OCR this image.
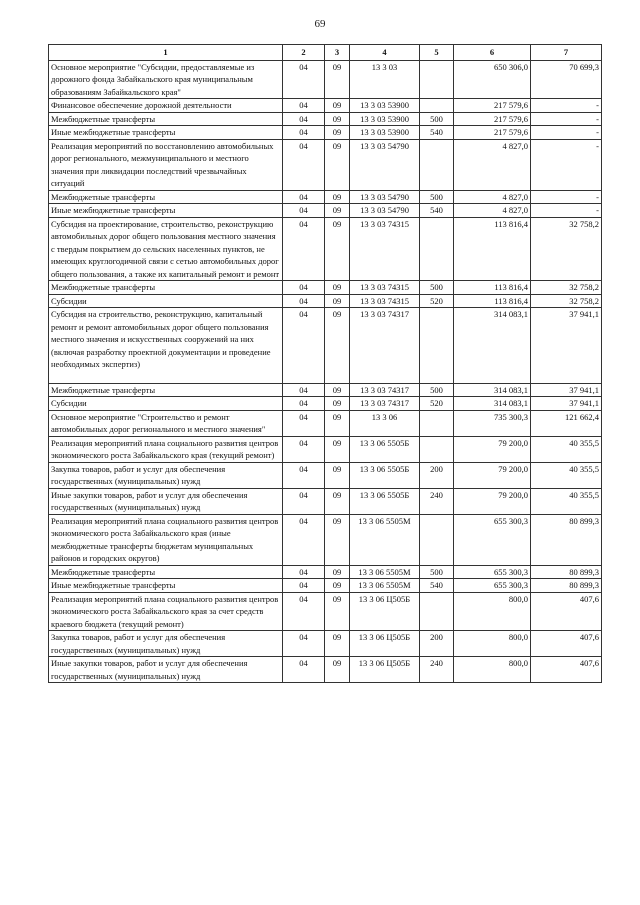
69
1	2	3	4	5	6	7
Основное мероприятие "Субсидии, предоставляемые из дорожного фонда Забайкальского края муниципальным образованиям Забайкальского края"	04	09	13 3 03		650 306,0	70 699,3
Финансовое обеспечение дорожной деятельности	04	09	13 3 03 53900		217 579,6	-
Межбюджетные трансферты	04	09	13 3 03 53900	500	217 579,6	-
Иные межбюджетные трансферты	04	09	13 3 03 53900	540	217 579,6	-
Реализация мероприятий по восстановлению автомобильных дорог регионального, межмуниципального и местного значения при ликвидации последствий чрезвычайных ситуаций	04	09	13 3 03 54790		4 827,0	-
Межбюджетные трансферты	04	09	13 3 03 54790	500	4 827,0	-
Иные межбюджетные трансферты	04	09	13 3 03 54790	540	4 827,0	-
Субсидия на проектирование, строительство, реконструкцию автомобильных дорог общего пользования местного значения с твердым покрытием до сельских населенных пунктов, не имеющих круглогодичной связи с сетью автомобильных дорог общего пользования, а также их капитальный ремонт и ремонт	04	09	13 3 03 74315		113 816,4	32 758,2
Межбюджетные трансферты	04	09	13 3 03 74315	500	113 816,4	32 758,2
Субсидии	04	09	13 3 03 74315	520	113 816,4	32 758,2
Субсидия на строительство, реконструкцию, капитальный ремонт и ремонт автомобильных дорог общего пользования местного значения и искусственных сооружений на них (включая разработку проектной документации и проведение необходимых экспертиз)	04	09	13 3 03 74317		314 083,1	37 941,1
Межбюджетные трансферты	04	09	13 3 03 74317	500	314 083,1	37 941,1
Субсидии	04	09	13 3 03 74317	520	314 083,1	37 941,1
Основное мероприятие "Строительство и ремонт автомобильных дорог регионального и местного значения"	04	09	13 3 06		735 300,3	121 662,4
Реализация мероприятий плана социального развития центров экономического роста Забайкальского края (текущий ремонт)	04	09	13 3 06 5505Б		79 200,0	40 355,5
Закупка товаров, работ и услуг для обеспечения государственных (муниципальных) нужд	04	09	13 3 06 5505Б	200	79 200,0	40 355,5
Иные закупки товаров, работ и услуг для обеспечения государственных (муниципальных) нужд	04	09	13 3 06 5505Б	240	79 200,0	40 355,5
Реализация мероприятий плана социального развития центров экономического роста Забайкальского края (иные межбюджетные трансферты бюджетам муниципальных районов и городских округов)	04	09	13 3 06 5505М		655 300,3	80 899,3
Межбюджетные трансферты	04	09	13 3 06 5505М	500	655 300,3	80 899,3
Иные межбюджетные трансферты	04	09	13 3 06 5505М	540	655 300,3	80 899,3
Реализация мероприятий плана социального развития центров экономического роста Забайкальского края за счет средств краевого бюджета (текущий ремонт)	04	09	13 3 06 Ц505Б		800,0	407,6
Закупка товаров, работ и услуг для обеспечения государственных (муниципальных) нужд	04	09	13 3 06 Ц505Б	200	800,0	407,6
Иные закупки товаров, работ и услуг для обеспечения государственных (муниципальных) нужд	04	09	13 3 06 Ц505Б	240	800,0	407,6
